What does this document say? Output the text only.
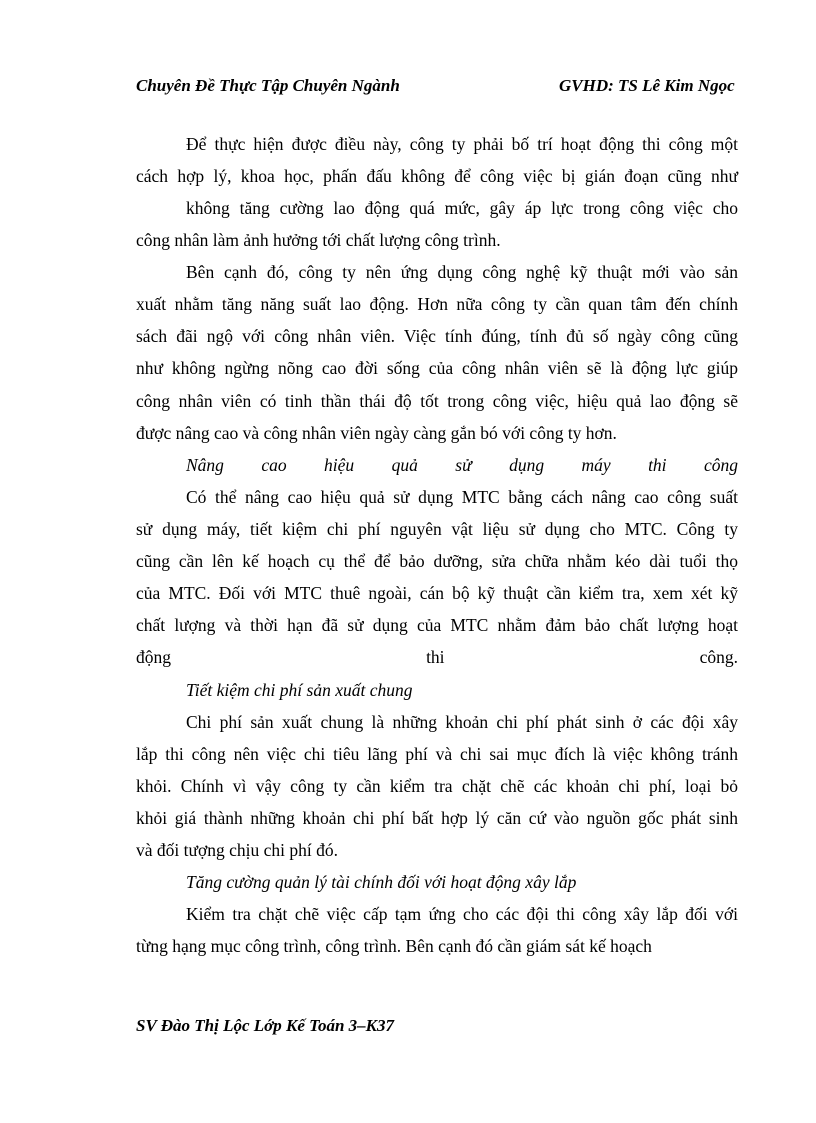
Chuyên Đề Thực Tập Chuyên Ngành	GVHD: TS Lê Kim Ngọc
Để thực hiện được điều này, công ty phải bố trí hoạt động thi công một
cách hợp lý, khoa học, phấn đấu không để công việc bị gián đoạn cũng như
không tăng cường lao động quá mức, gây áp lực trong công việc cho
công nhân làm ảnh hưởng tới chất lượng công trình.
Bên cạnh đó, công ty nên ứng dụng công nghệ kỹ thuật mới vào sản
xuất nhằm tăng năng suất lao động. Hơn nữa công ty cần quan tâm đến chính
sách đãi ngộ với công nhân viên. Việc tính đúng, tính đủ số ngày công cũng
như không ngừng nõng cao đời sống của công nhân viên sẽ là động lực giúp
công nhân viên có tinh thần thái độ tốt trong công việc, hiệu quả lao động sẽ
được nâng cao và công nhân viên ngày càng gắn bó với công ty hơn.
Nâng cao hiệu quả sử dụng máy thi công
Có thể nâng cao hiệu quả sử dụng MTC bằng cách nâng cao công suất
sử dụng máy, tiết kiệm chi phí nguyên vật liệu sử dụng cho MTC. Công ty
cũng cần lên kế hoạch cụ thể để bảo dưỡng, sửa chữa nhằm kéo dài tuổi thọ
của MTC. Đối với MTC thuê ngoài, cán bộ kỹ thuật cần kiểm tra, xem xét kỹ
chất lượng và thời hạn đã sử dụng của MTC nhằm đảm bảo chất lượng hoạt
động thi công.
Tiết kiệm chi phí sản xuất chung
Chi phí sản xuất chung là những khoản chi phí phát sinh ở các đội xây
lắp thi công nên việc chi tiêu lãng phí và chi sai mục đích là việc không tránh
khỏi. Chính vì vậy công ty cần kiểm tra chặt chẽ các khoản chi phí, loại bỏ
khỏi giá thành những khoản chi phí bất hợp lý căn cứ vào nguồn gốc phát sinh
và đối tượng chịu chi phí đó.
Tăng cường quản lý tài chính đối với hoạt động xây lắp
Kiểm tra chặt chẽ việc cấp tạm ứng cho các đội thi công xây lắp đối với
từng hạng mục công trình, công trình. Bên cạnh đó cần giám sát kế hoạch
SV Đào Thị Lộc Lớp Kế Toán 3–K37
